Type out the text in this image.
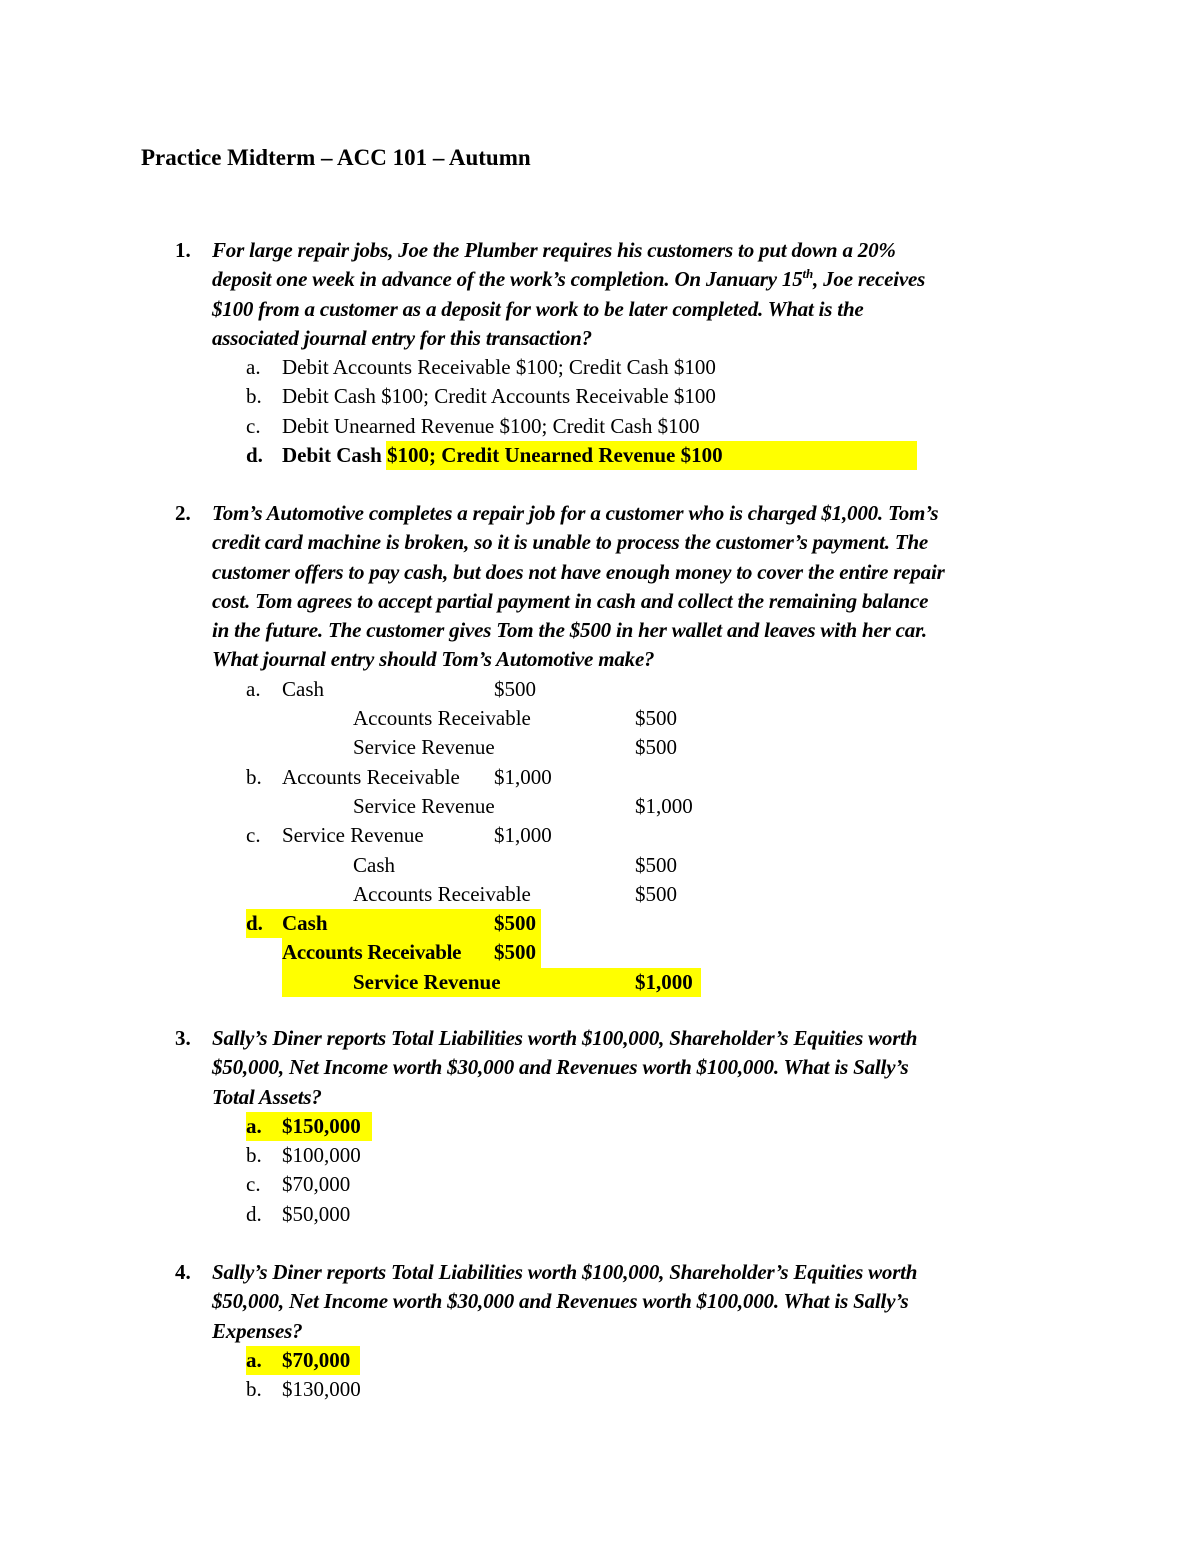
Practice Midterm – ACC 101 – Autumn
1. For large repair jobs, Joe the Plumber requires his customers to put down a 20%
deposit one week in advance of the work’s completion. On January 15th, Joe receives
$100 from a customer as a deposit for work to be later completed. What is the
associated journal entry for this transaction?
a. Debit Accounts Receivable $100; Credit Cash $100
b. Debit Cash $100; Credit Accounts Receivable $100
c. Debit Unearned Revenue $100; Credit Cash $100
d. Debit Cash $100; Credit Unearned Revenue $100
2. Tom’s Automotive completes a repair job for a customer who is charged $1,000. Tom’s
credit card machine is broken, so it is unable to process the customer’s payment. The
customer offers to pay cash, but does not have enough money to cover the entire repair
cost. Tom agrees to accept partial payment in cash and collect the remaining balance
in the future. The customer gives Tom the $500 in her wallet and leaves with her car.
What journal entry should Tom’s Automotive make?
a. Cash	$500
Accounts Receivable	$500
Service Revenue	$500
b. Accounts Receivable $1,000
Service Revenue	$1,000
c. Service Revenue	$1,000
Cash	$500
Accounts Receivable	$500
d. Cash	$500
Accounts Receivable $500
Service Revenue	$1,000
3. Sally’s Diner reports Total Liabilities worth $100,000, Shareholder’s Equities worth
$50,000, Net Income worth $30,000 and Revenues worth $100,000. What is Sally’s
Total Assets?
a. $150,000
b. $100,000
c. $70,000
d. $50,000
4. Sally’s Diner reports Total Liabilities worth $100,000, Shareholder’s Equities worth
$50,000, Net Income worth $30,000 and Revenues worth $100,000. What is Sally’s
Expenses?
a. $70,000
b. $130,000
